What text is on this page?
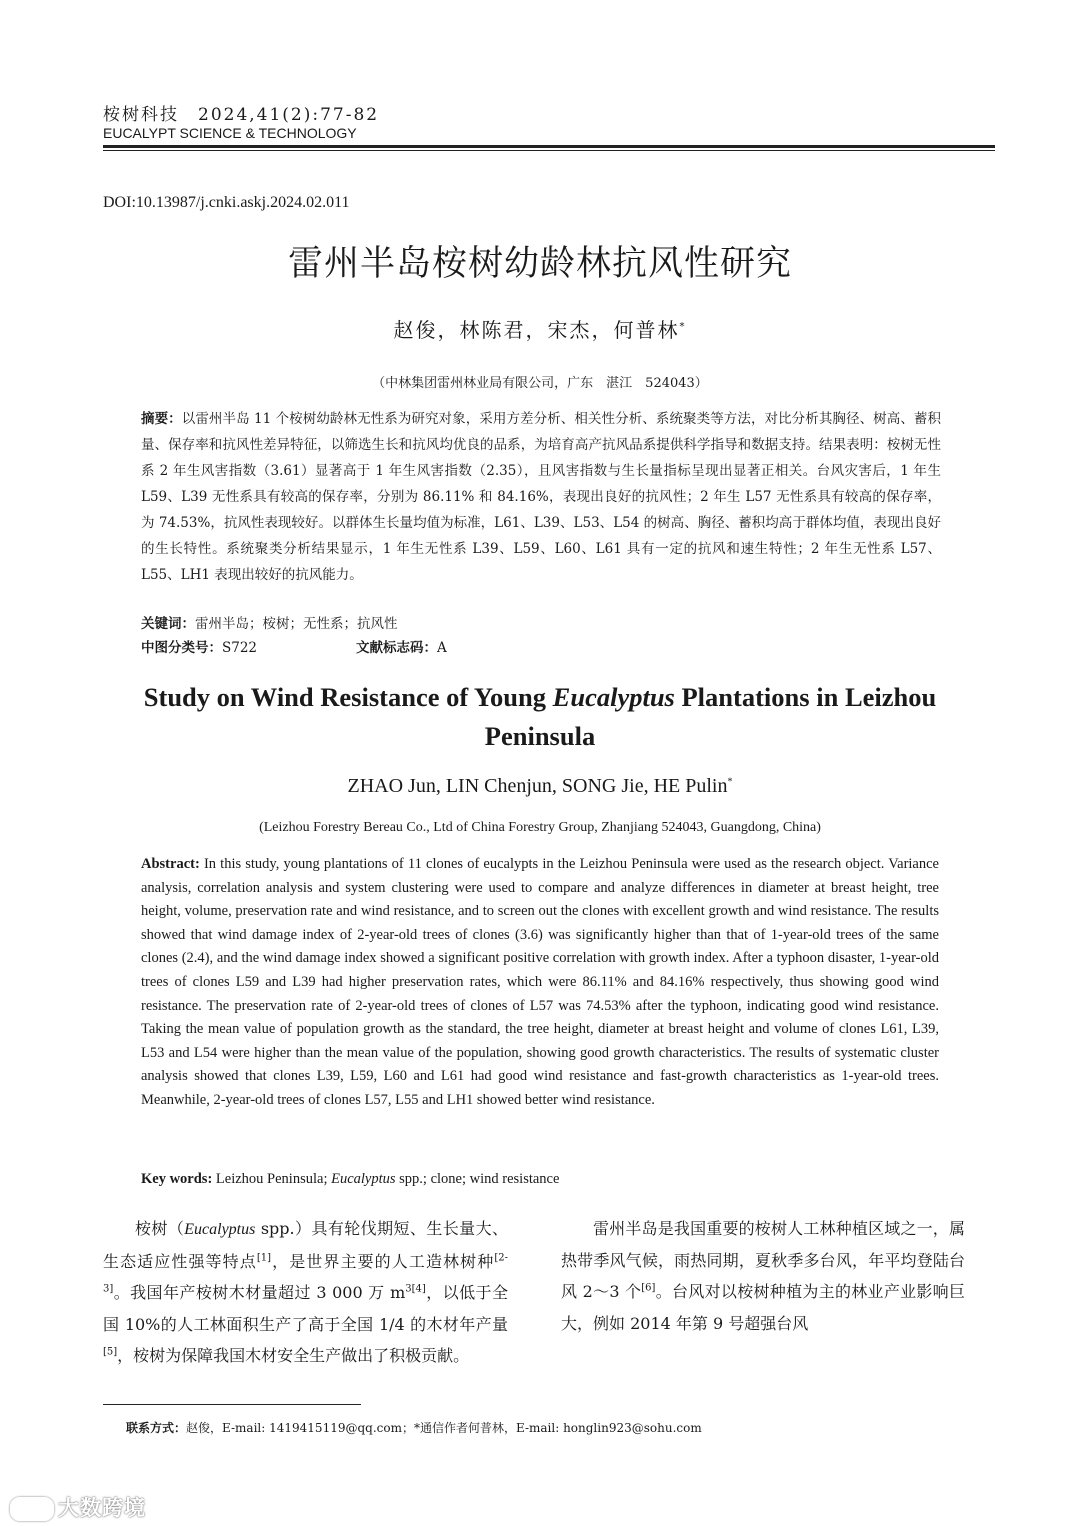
桉树科技　2024,41(2):77-82
EUCALYPT SCIENCE & TECHNOLOGY
DOI:10.13987/j.cnki.askj.2024.02.011
雷州半岛桉树幼龄林抗风性研究
赵俊，林陈君，宋杰，何普林*
（中林集团雷州林业局有限公司，广东　湛江　524043）
摘要：以雷州半岛 11 个桉树幼龄林无性系为研究对象，采用方差分析、相关性分析、系统聚类等方法，对比分析其胸径、树高、蓄积量、保存率和抗风性差异特征，以筛选生长和抗风均优良的品系，为培育高产抗风品系提供科学指导和数据支持。结果表明：桉树无性系 2 年生风害指数（3.61）显著高于 1 年生风害指数（2.35），且风害指数与生长量指标呈现出显著正相关。台风灾害后，1 年生 L59、L39 无性系具有较高的保存率，分别为 86.11% 和 84.16%，表现出良好的抗风性；2 年生 L57 无性系具有较高的保存率，为 74.53%，抗风性表现较好。以群体生长量均值为标准，L61、L39、L53、L54 的树高、胸径、蓄积均高于群体均值，表现出良好的生长特性。系统聚类分析结果显示，1 年生无性系 L39、L59、L60、L61 具有一定的抗风和速生特性；2 年生无性系 L57、L55、LH1 表现出较好的抗风能力。
关键词：雷州半岛；桉树；无性系；抗风性
中图分类号：S722	文献标志码：A
Study on Wind Resistance of Young Eucalyptus Plantations in Leizhou Peninsula
ZHAO Jun, LIN Chenjun, SONG Jie, HE Pulin*
(Leizhou Forestry Bereau Co., Ltd of China Forestry Group, Zhanjiang 524043, Guangdong, China)
Abstract: In this study, young plantations of 11 clones of eucalypts in the Leizhou Peninsula were used as the research object. Variance analysis, correlation analysis and system clustering were used to compare and analyze differences in diameter at breast height, tree height, volume, preservation rate and wind resistance, and to screen out the clones with excellent growth and wind resistance. The results showed that wind damage index of 2-year-old trees of clones (3.6) was significantly higher than that of 1-year-old trees of the same clones (2.4), and the wind damage index showed a significant positive correlation with growth index. After a typhoon disaster, 1-year-old trees of clones L59 and L39 had higher preservation rates, which were 86.11% and 84.16% respectively, thus showing good wind resistance. The preservation rate of 2-year-old trees of clones of L57 was 74.53% after the typhoon, indicating good wind resistance. Taking the mean value of population growth as the standard, the tree height, diameter at breast height and volume of clones L61, L39, L53 and L54 were higher than the mean value of the population, showing good growth characteristics. The results of systematic cluster analysis showed that clones L39, L59, L60 and L61 had good wind resistance and fast-growth characteristics as 1-year-old trees. Meanwhile, 2-year-old trees of clones L57, L55 and LH1 showed better wind resistance.
Key words: Leizhou Peninsula; Eucalyptus spp.; clone; wind resistance
桉树（Eucalyptus spp.）具有轮伐期短、生长量大、生态适应性强等特点[1]，是世界主要的人工造林树种[2-3]。我国年产桉树木材量超过 3 000 万 $m^{3[4]}$，以低于全国 10%的人工林面积生产了高于全国 1/4 的木材年产量[5]，桉树为保障我国木材安全生产做出了积极贡献。
雷州半岛是我国重要的桉树人工林种植区域之一，属热带季风气候，雨热同期，夏秋季多台风，年平均登陆台风 2～3 个[6]。台风对以桉树种植为主的林业产业影响巨大，例如 2014 年第 9 号超强台风
联系方式：赵俊，E-mail: 1419415119@qq.com；*通信作者何普林，E-mail: honglin923@sohu.com
大数跨境
